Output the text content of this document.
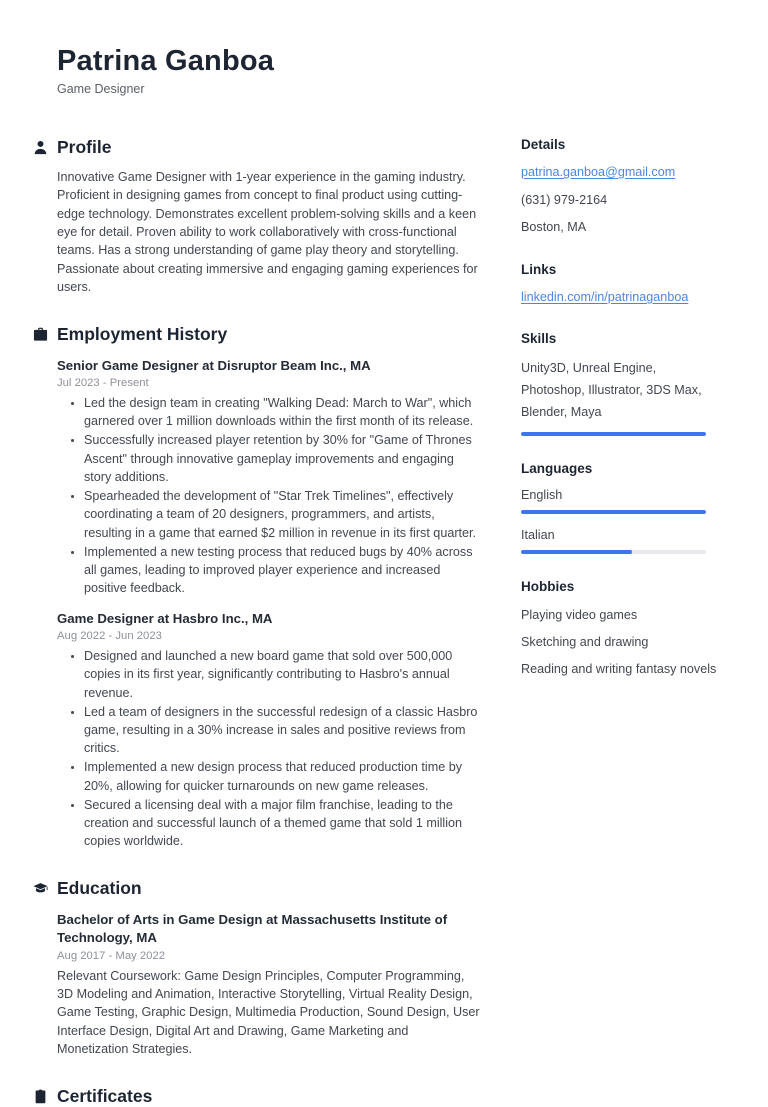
Patrina Ganboa
Game Designer
Profile

Innovative Game Designer with 1-year experience in the gaming industry. Proficient in designing games from concept to final product using cutting-edge technology. Demonstrates excellent problem-solving skills and a keen eye for detail. Proven ability to work collaboratively with cross-functional teams. Has a strong understanding of game play theory and storytelling. Passionate about creating immersive and engaging gaming experiences for users.

Employment History
Senior Game Designer at Disruptor Beam Inc., MA
Jul 2023 - Present
• Led the design team in creating "Walking Dead: March to War", which garnered over 1 million downloads within the first month of its release.
• Successfully increased player retention by 30% for "Game of Thrones Ascent" through innovative gameplay improvements and engaging story additions.
• Spearheaded the development of "Star Trek Timelines", effectively coordinating a team of 20 designers, programmers, and artists, resulting in a game that earned $2 million in revenue in its first quarter.
• Implemented a new testing process that reduced bugs by 40% across all games, leading to improved player experience and increased positive feedback.
Game Designer at Hasbro Inc., MA
Aug 2022 - Jun 2023
• Designed and launched a new board game that sold over 500,000 copies in its first year, significantly contributing to Hasbro's annual revenue.
• Led a team of designers in the successful redesign of a classic Hasbro game, resulting in a 30% increase in sales and positive reviews from critics.
• Implemented a new design process that reduced production time by 20%, allowing for quicker turnarounds on new game releases.
• Secured a licensing deal with a major film franchise, leading to the creation and successful launch of a themed game that sold 1 million copies worldwide.
Education
Bachelor of Arts in Game Design at Massachusetts Institute of Technology, MA
Aug 2017 - May 2022

Relevant Coursework: Game Design Principles, Computer Programming, 3D Modeling and Animation, Interactive Storytelling, Virtual Reality Design, Game Testing, Graphic Design, Multimedia Production, Sound Design, User Interface Design, Digital Art and Drawing, Game Marketing and Monetization Strategies.

Certificates
Details
patrina.ganboa@gmail.com
(631) 979-2164
Boston, MA
Links
linkedin.com/in/patrinaganboa
Skills

Unity3D, Unreal Engine, Photoshop, Illustrator, 3DS Max, Blender, Maya

Languages
English
Italian
Hobbies
Playing video games
Sketching and drawing
Reading and writing fantasy novels
